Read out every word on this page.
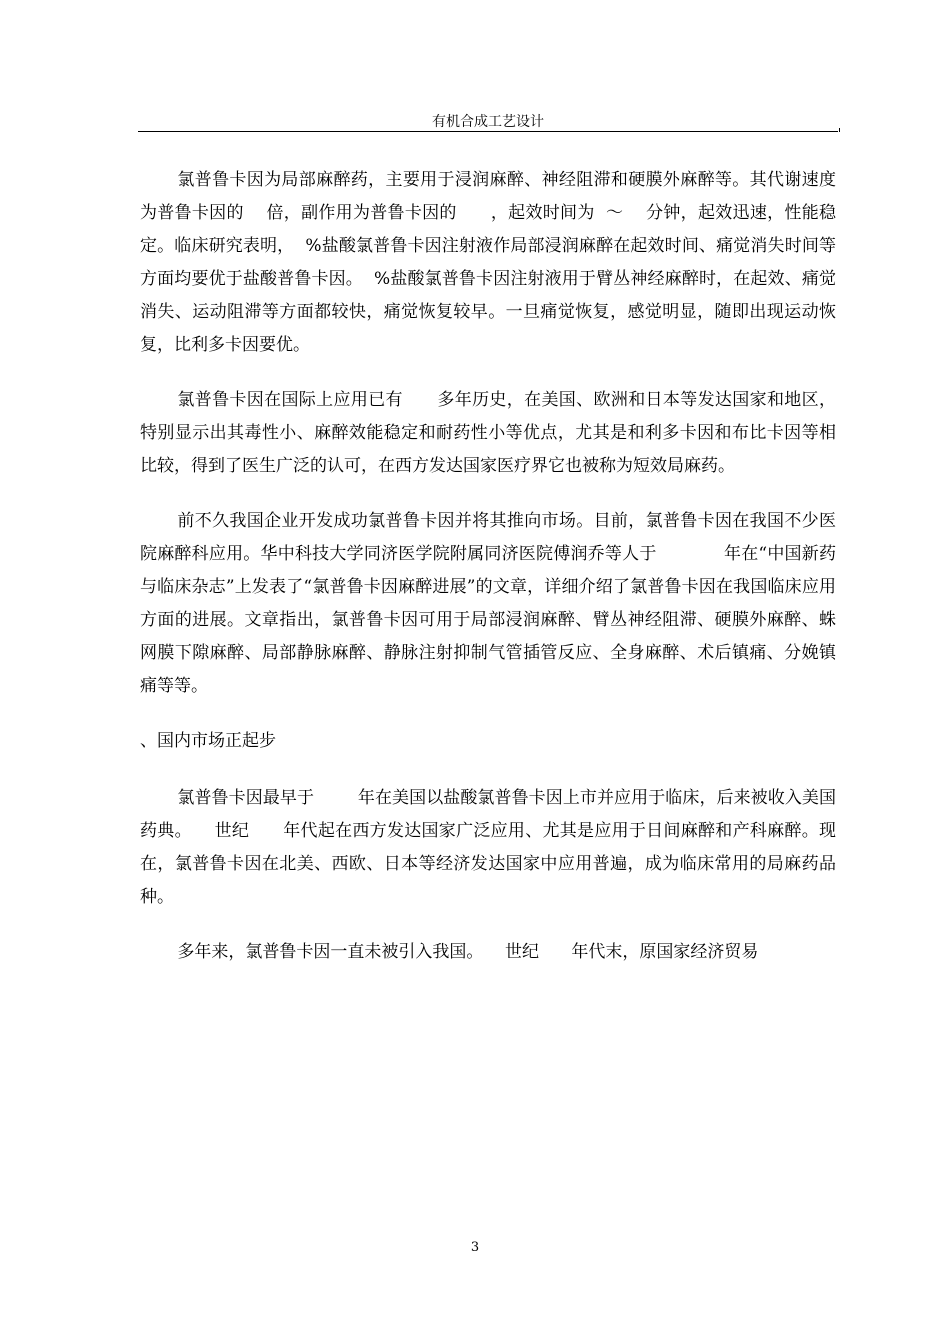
有机合成工艺设计

氯普鲁卡因为局部麻醉药，主要用于浸润麻醉、神经阻滞和硬膜外麻醉等。其代谢速度为普鲁卡因的    倍，副作用为普鲁卡因的      ，起效时间为  ～    分钟，起效迅速，性能稳定。临床研究表明，  %盐酸氯普鲁卡因注射液作局部浸润麻醉在起效时间、痛觉消失时间等方面均要优于盐酸普鲁卡因。  %盐酸氯普鲁卡因注射液用于臂丛神经麻醉时，在起效、痛觉消失、运动阻滞等方面都较快，痛觉恢复较早。一旦痛觉恢复，感觉明显，随即出现运动恢复，比利多卡因要优。

氯普鲁卡因在国际上应用已有      多年历史，在美国、欧洲和日本等发达国家和地区，特别显示出其毒性小、麻醉效能稳定和耐药性小等优点，尤其是和利多卡因和布比卡因等相比较，得到了医生广泛的认可，在西方发达国家医疗界它也被称为短效局麻药。

前不久我国企业开发成功氯普鲁卡因并将其推向市场。目前，氯普鲁卡因在我国不少医院麻醉科应用。华中科技大学同济医学院附属同济医院傅润乔等人于            年在“中国新药与临床杂志”上发表了“氯普鲁卡因麻醉进展”的文章，详细介绍了氯普鲁卡因在我国临床应用方面的进展。文章指出，氯普鲁卡因可用于局部浸润麻醉、臂丛神经阻滞、硬膜外麻醉、蛛网膜下隙麻醉、局部静脉麻醉、静脉注射抑制气管插管反应、全身麻醉、术后镇痛、分娩镇痛等等。

、国内市场正起步

氯普鲁卡因最早于        年在美国以盐酸氯普鲁卡因上市并应用于临床，后来被收入美国药典。    世纪      年代起在西方发达国家广泛应用、尤其是应用于日间麻醉和产科麻醉。现在，氯普鲁卡因在北美、西欧、日本等经济发达国家中应用普遍，成为临床常用的局麻药品种。

多年来，氯普鲁卡因一直未被引入我国。    世纪      年代末，原国家经济贸易

3
